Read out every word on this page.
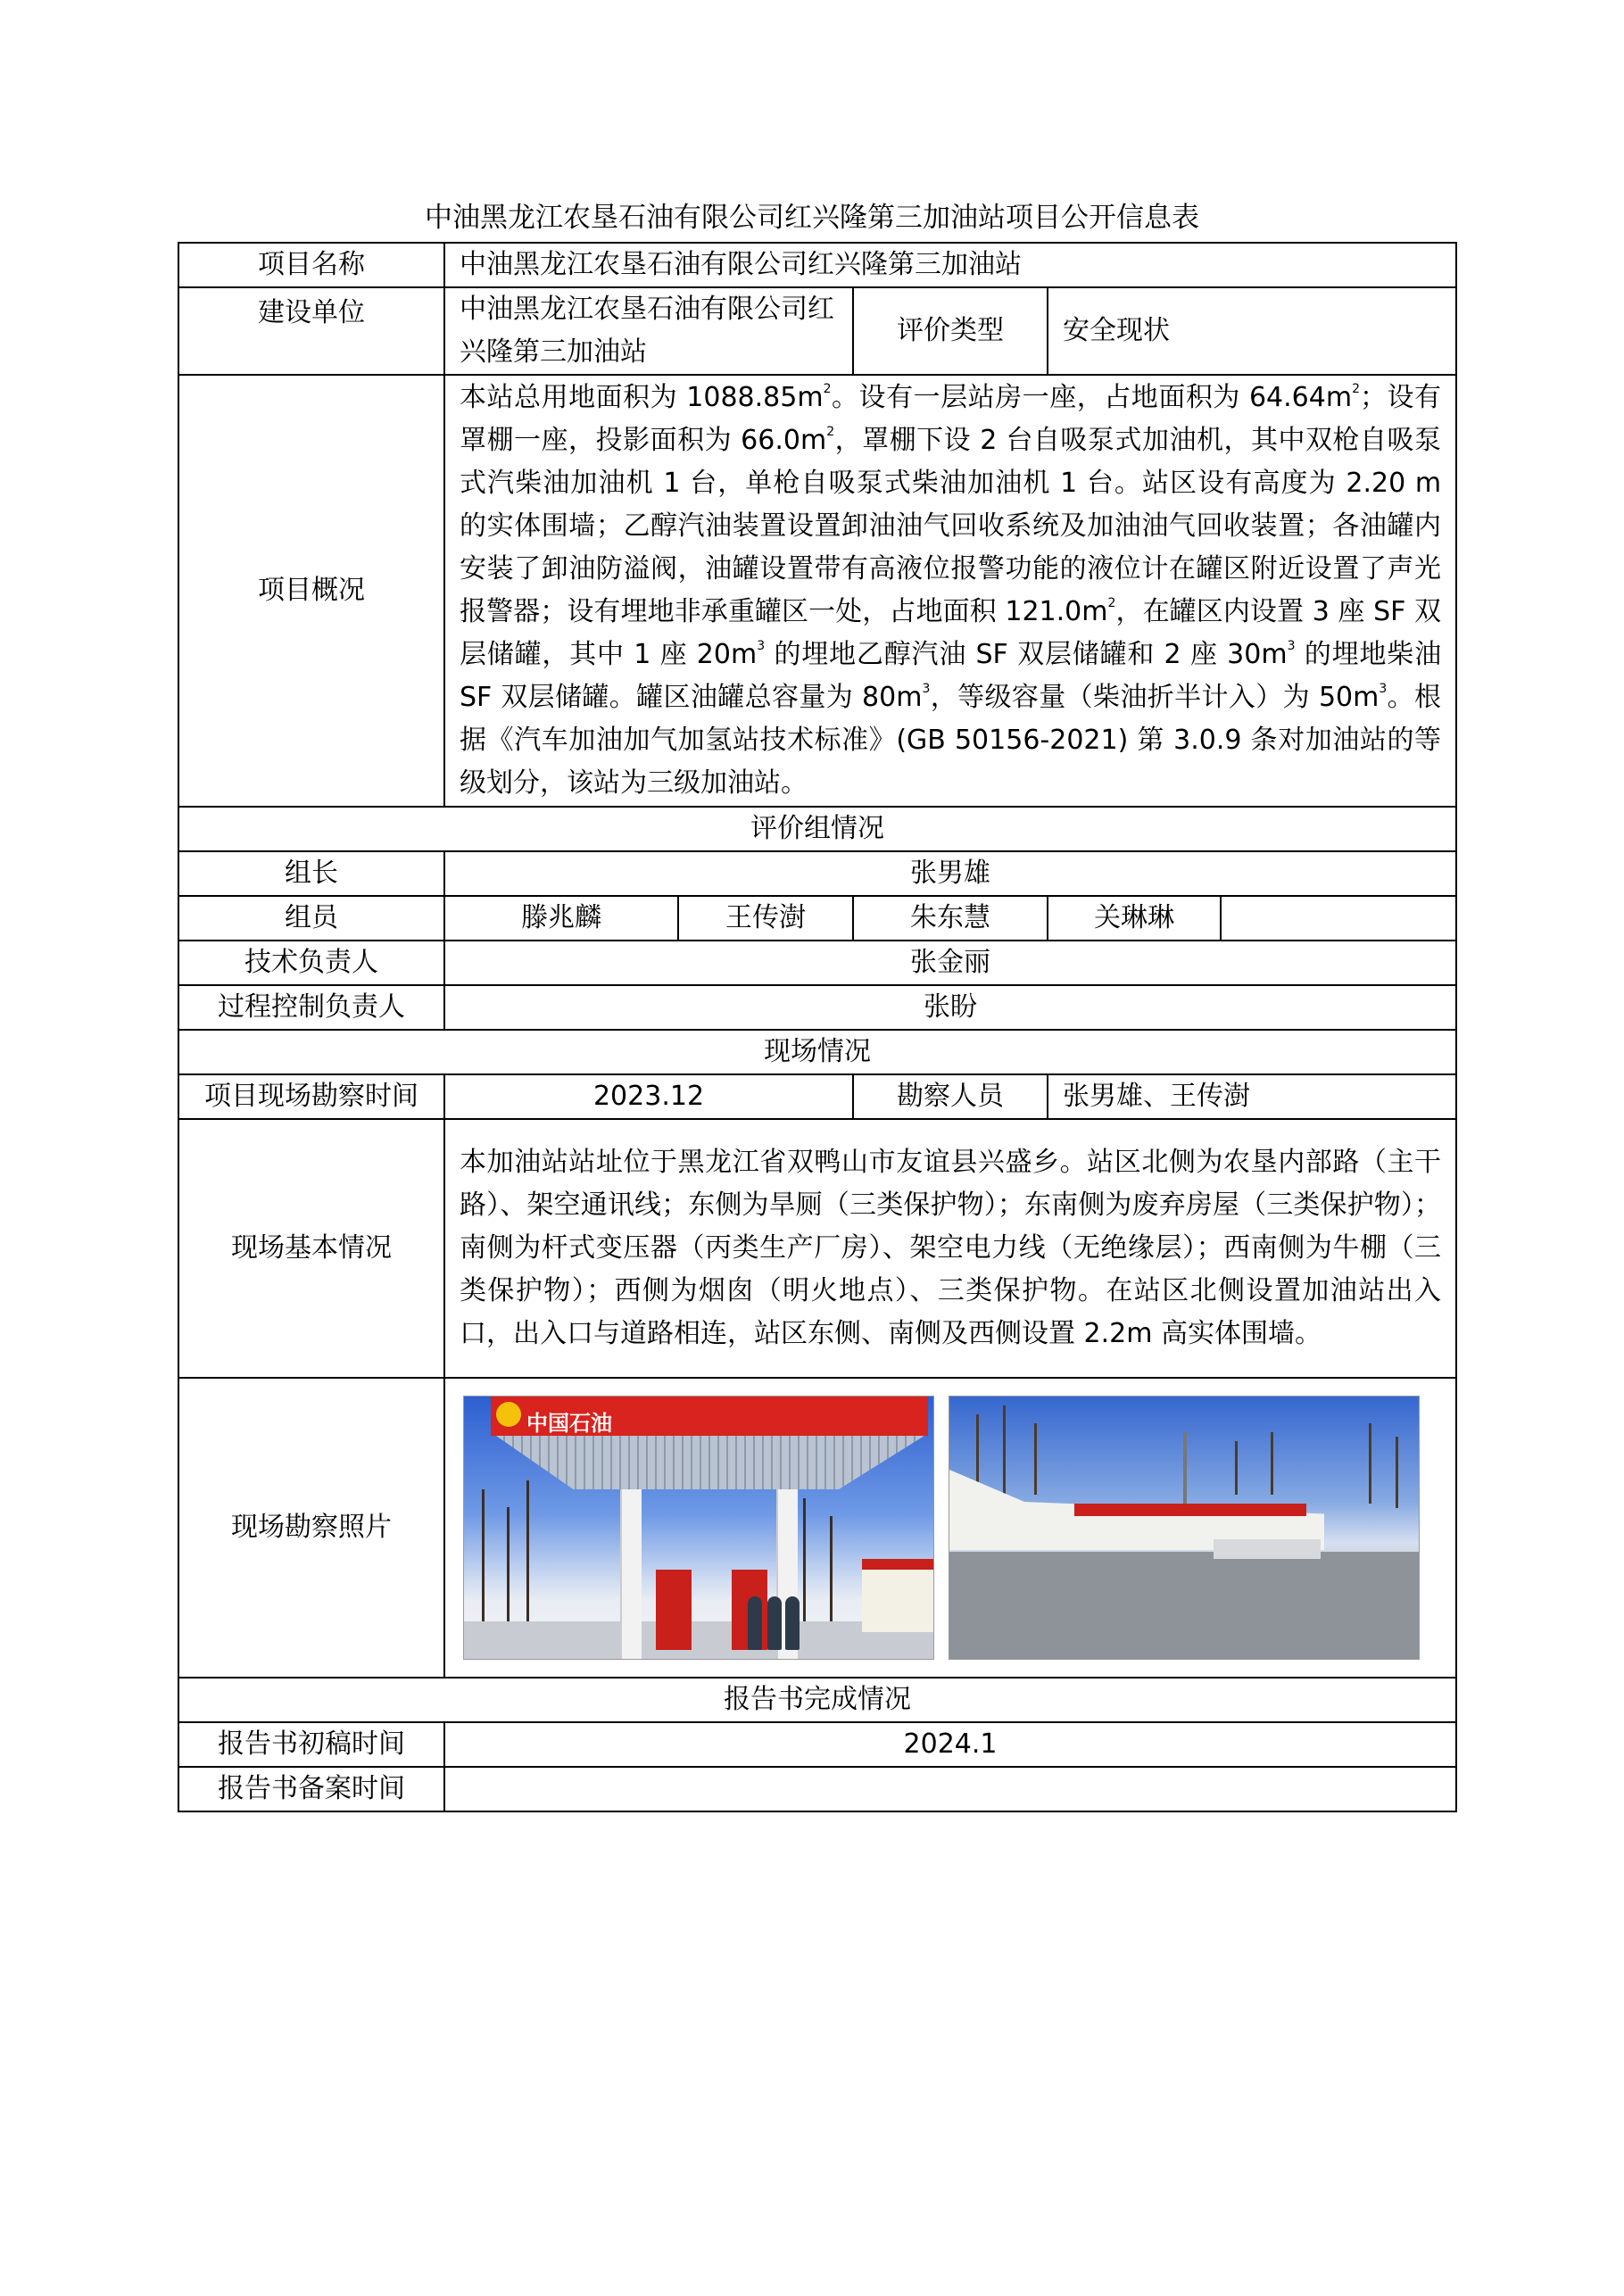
中油黑龙江农垦石油有限公司红兴隆第三加油站项目公开信息表
项目名称	中油黑龙江农垦石油有限公司红兴隆第三加油站				
建设单位	中油黑龙江农垦石油有限公司红兴隆第三加油站		评价类型	安全现状	
项目概况	本站总用地面积为 $1088.85m^2$。设有一层站房一座，占地面积为 $64.64m^2$；设有罩棚一座，投影面积为 $66.0m^2$，罩棚下设 2 台自吸泵式加油机，其中双枪自吸泵式汽柴油加油机 1 台，单枪自吸泵式柴油加油机 1 台。站区设有高度为 2.20 m 的实体围墙；乙醇汽油装置设置卸油油气回收系统及加油油气回收装置；各油罐内安装了卸油防溢阀，油罐设置带有高液位报警功能的液位计在罐区附近设置了声光报警器；设有埋地非承重罐区一处，占地面积 $121.0m^2$，在罐区内设置 3 座 SF 双层储罐，其中 1 座 $20m^3$ 的埋地乙醇汽油 SF 双层储罐和 2 座 $30m^3$ 的埋地柴油 SF 双层储罐。罐区油罐总容量为 $80m^3$，等级容量（柴油折半计入）为 $50m^3$。根据《汽车加油加气加氢站技术标准》(GB 50156-2021) 第 3.0.9 条对加油站的等级划分，该站为三级加油站。				
评价组情况					
组长	张男雄				
组员	滕兆麟	王传澍	朱东慧	关琳琳	
技术负责人	张金丽				
过程控制负责人	张盼				
现场情况					
项目现场勘察时间	2023.12		勘察人员	张男雄、王传澍	
现场基本情况	本加油站站址位于黑龙江省双鸭山市友谊县兴盛乡。站区北侧为农垦内部路（主干路）、架空通讯线；东侧为旱厕（三类保护物）；东南侧为废弃房屋（三类保护物）；南侧为杆式变压器（丙类生产厂房）、架空电力线（无绝缘层）；西南侧为牛棚（三类保护物）；西侧为烟囱（明火地点）、三类保护物。在站区北侧设置加油站出入口，出入口与道路相连，站区东侧、南侧及西侧设置 2.2m 高实体围墙。				
现场勘察照片	中国石油				

报告书完成情况					
报告书初稿时间	2024.1				
报告书备案时间					
